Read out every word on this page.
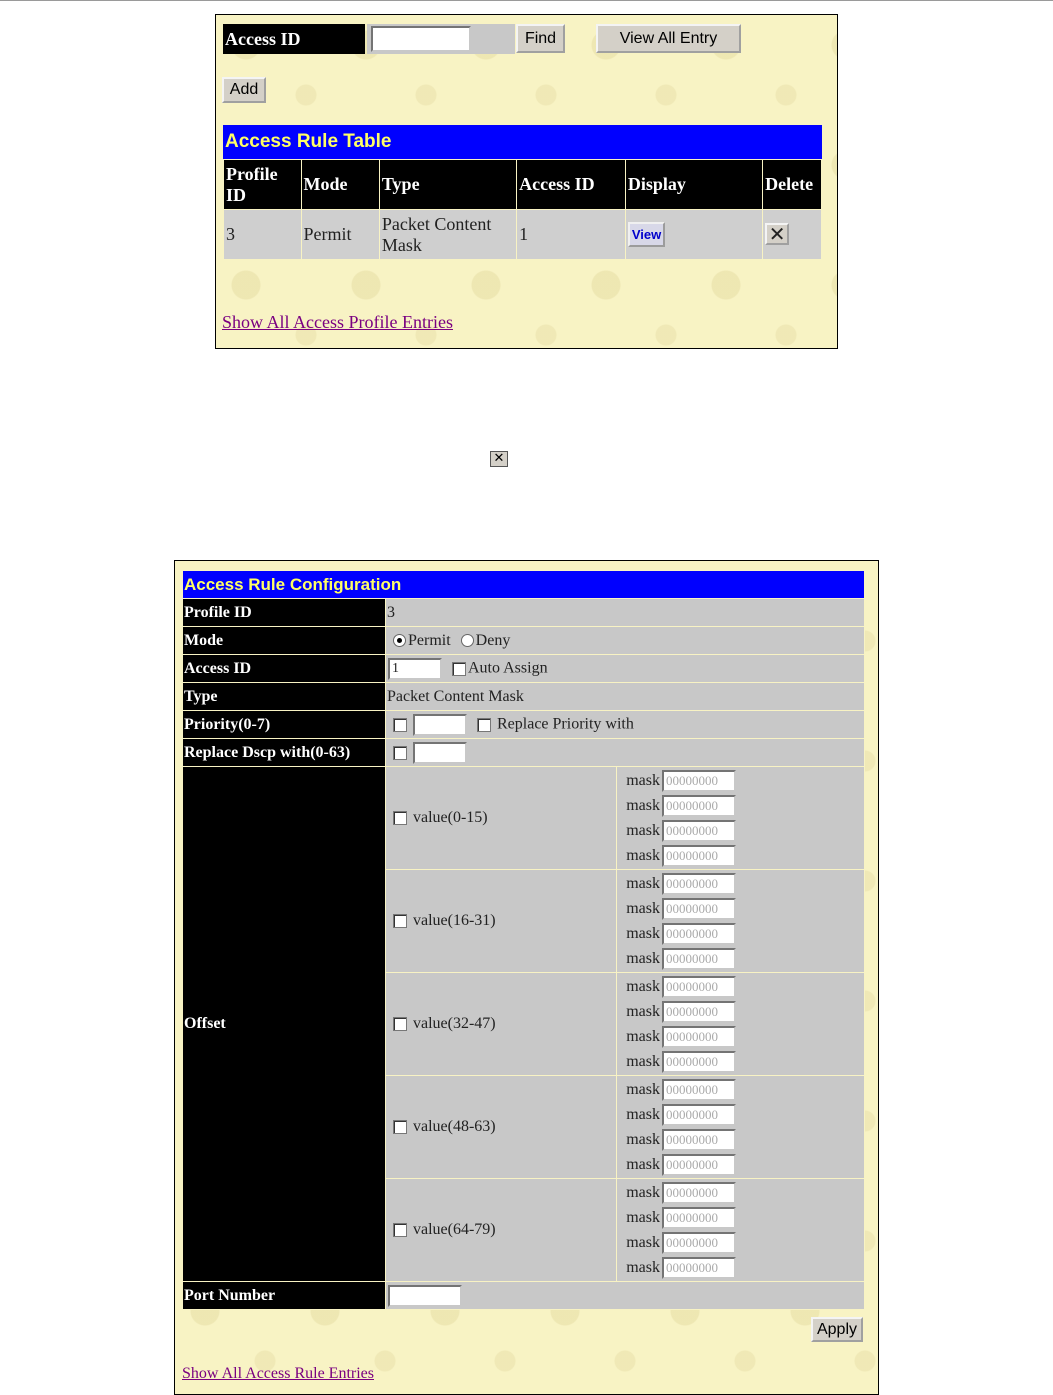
Access ID	Find	View All Entry
Add
Access Rule Table
Profile ID	Mode	Type	Access ID	Display	Delete
3	Permit	Packet Content Mask	1	View	✕
Show All Access Profile Entries
✕
Access Rule Configuration		
Profile ID	3	
Mode	Permit Deny	
Access ID	1 Auto Assign	
Type	Packet Content Mask	
Priority(0-7)	Replace Priority with	
Replace Dscp with(0-63)		
Offset	value(0-15)	mask 00000000
mask 00000000
mask 00000000
mask 00000000

	value(16-31)	mask 00000000
mask 00000000
mask 00000000
mask 00000000

	value(32-47)	mask 00000000
mask 00000000
mask 00000000
mask 00000000

	value(48-63)	mask 00000000
mask 00000000
mask 00000000
mask 00000000

	value(64-79)	mask 00000000
mask 00000000
mask 00000000
mask 00000000

Port Number		
Apply
Show All Access Rule Entries
